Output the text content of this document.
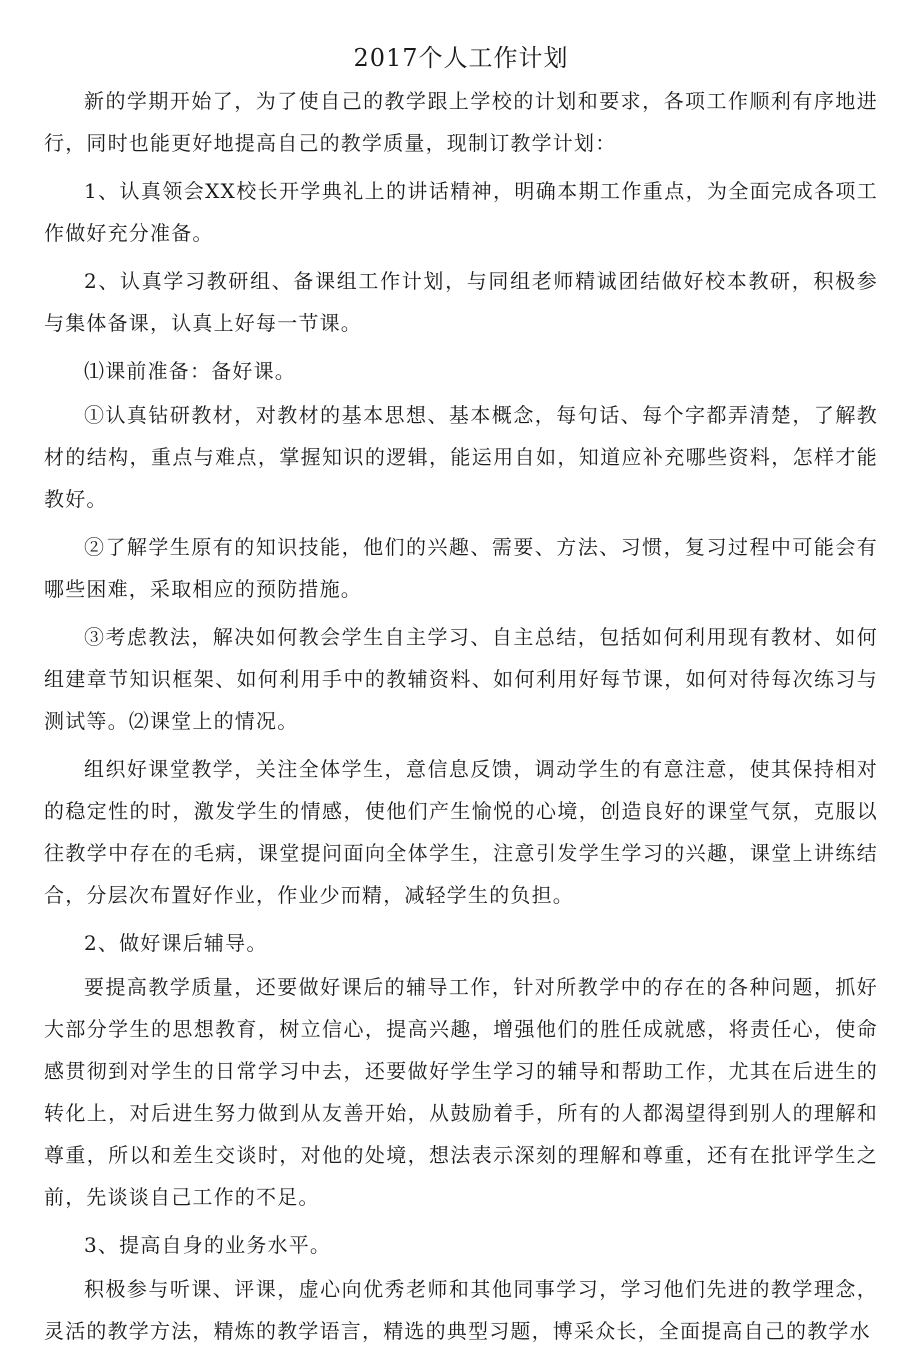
2017个人工作计划

新的学期开始了，为了使自己的教学跟上学校的计划和要求，各项工作顺利有序地进行，同时也能更好地提高自己的教学质量，现制订教学计划：

1、认真领会XX校长开学典礼上的讲话精神，明确本期工作重点，为全面完成各项工作做好充分准备。

2、认真学习教研组、备课组工作计划，与同组老师精诚团结做好校本教研，积极参与集体备课，认真上好每一节课。

⑴课前准备：备好课。

①认真钻研教材，对教材的基本思想、基本概念，每句话、每个字都弄清楚，了解教材的结构，重点与难点，掌握知识的逻辑，能运用自如，知道应补充哪些资料，怎样才能教好。

②了解学生原有的知识技能，他们的兴趣、需要、方法、习惯，复习过程中可能会有哪些困难，采取相应的预防措施。

③考虑教法，解决如何教会学生自主学习、自主总结，包括如何利用现有教材、如何组建章节知识框架、如何利用手中的教辅资料、如何利用好每节课，如何对待每次练习与测试等。⑵课堂上的情况。

组织好课堂教学，关注全体学生，意信息反馈，调动学生的有意注意，使其保持相对的稳定性的时，激发学生的情感，使他们产生愉悦的心境，创造良好的课堂气氛，克服以往教学中存在的毛病，课堂提问面向全体学生，注意引发学生学习的兴趣，课堂上讲练结合，分层次布置好作业，作业少而精，减轻学生的负担。

2、做好课后辅导。

要提高教学质量，还要做好课后的辅导工作，针对所教学中的存在的各种问题，抓好大部分学生的思想教育，树立信心，提高兴趣，增强他们的胜任成就感，将责任心，使命感贯彻到对学生的日常学习中去，还要做好学生学习的辅导和帮助工作，尤其在后进生的转化上，对后进生努力做到从友善开始，从鼓励着手，所有的人都渴望得到别人的理解和尊重，所以和差生交谈时，对他的处境，想法表示深刻的理解和尊重，还有在批评学生之前，先谈谈自己工作的不足。

3、提高自身的业务水平。

积极参与听课、评课，虚心向优秀老师和其他同事学习，学习他们先进的教学理念，灵活的教学方法，精炼的教学语言，精选的典型习题，博采众长，全面提高自己的教学水
